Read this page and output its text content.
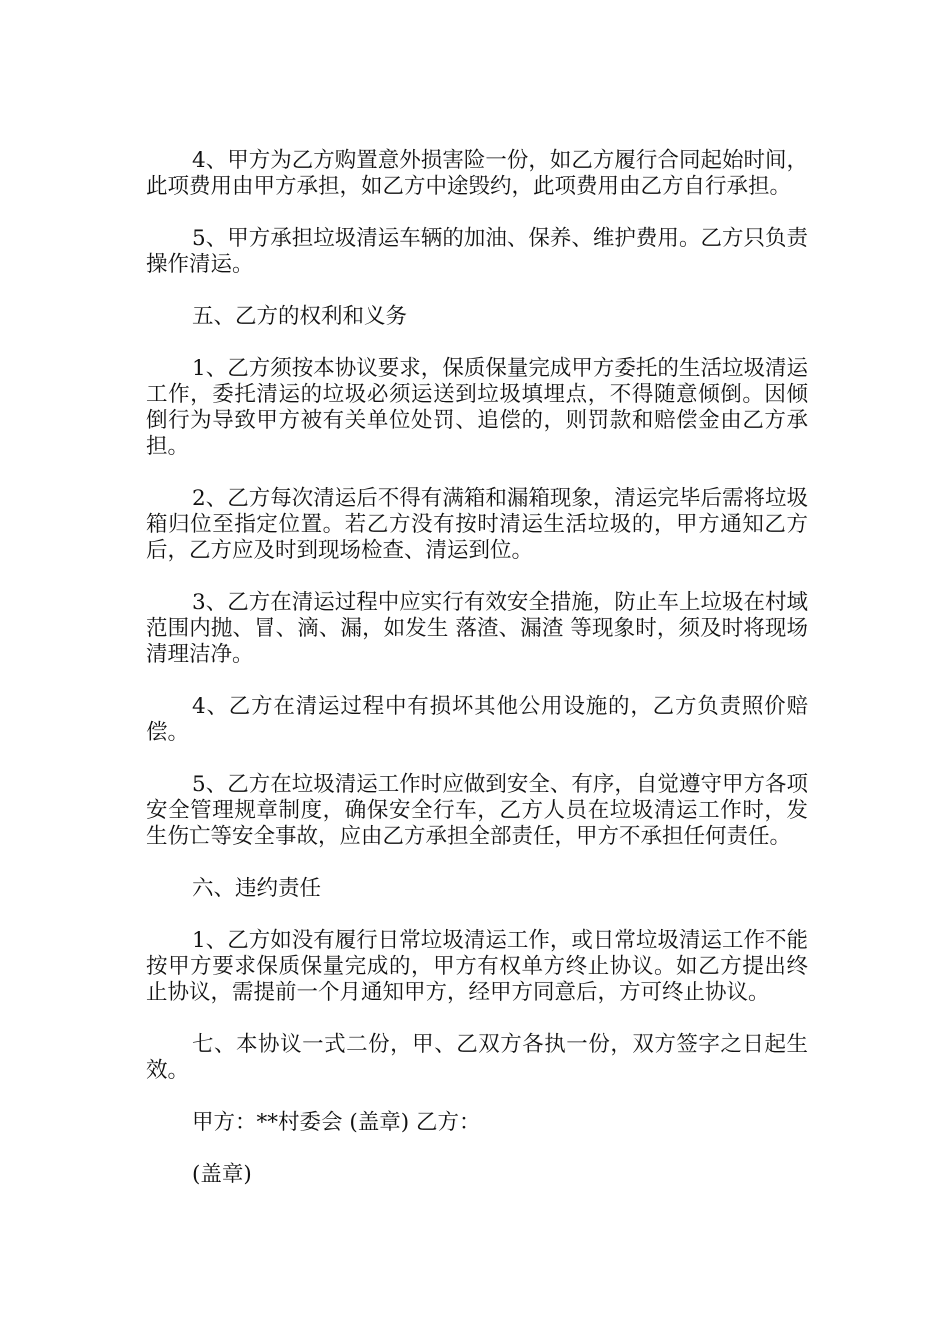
4、甲方为乙方购置意外损害险一份，如乙方履行合同起始时间，此项费用由甲方承担，如乙方中途毁约，此项费用由乙方自行承担。

5、甲方承担垃圾清运车辆的加油、保养、维护费用。乙方只负责操作清运。

五、乙方的权利和义务

1、乙方须按本协议要求，保质保量完成甲方委托的生活垃圾清运工作，委托清运的垃圾必须运送到垃圾填埋点，不得随意倾倒。因倾倒行为导致甲方被有关单位处罚、追偿的，则罚款和赔偿金由乙方承担。

2、乙方每次清运后不得有满箱和漏箱现象，清运完毕后需将垃圾箱归位至指定位置。若乙方没有按时清运生活垃圾的，甲方通知乙方后，乙方应及时到现场检查、清运到位。

3、乙方在清运过程中应实行有效安全措施，防止车上垃圾在村域范围内抛、冒、滴、漏，如发生 落渣、漏渣 等现象时，须及时将现场清理洁净。

4、乙方在清运过程中有损坏其他公用设施的，乙方负责照价赔偿。

5、乙方在垃圾清运工作时应做到安全、有序，自觉遵守甲方各项安全管理规章制度，确保安全行车，乙方人员在垃圾清运工作时，发生伤亡等安全事故，应由乙方承担全部责任，甲方不承担任何责任。

六、违约责任

1、乙方如没有履行日常垃圾清运工作，或日常垃圾清运工作不能按甲方要求保质保量完成的，甲方有权单方终止协议。如乙方提出终止协议，需提前一个月通知甲方，经甲方同意后，方可终止协议。

七、本协议一式二份，甲、乙双方各执一份，双方签字之日起生效。

甲方：**村委会 (盖章) 乙方：

(盖章)
